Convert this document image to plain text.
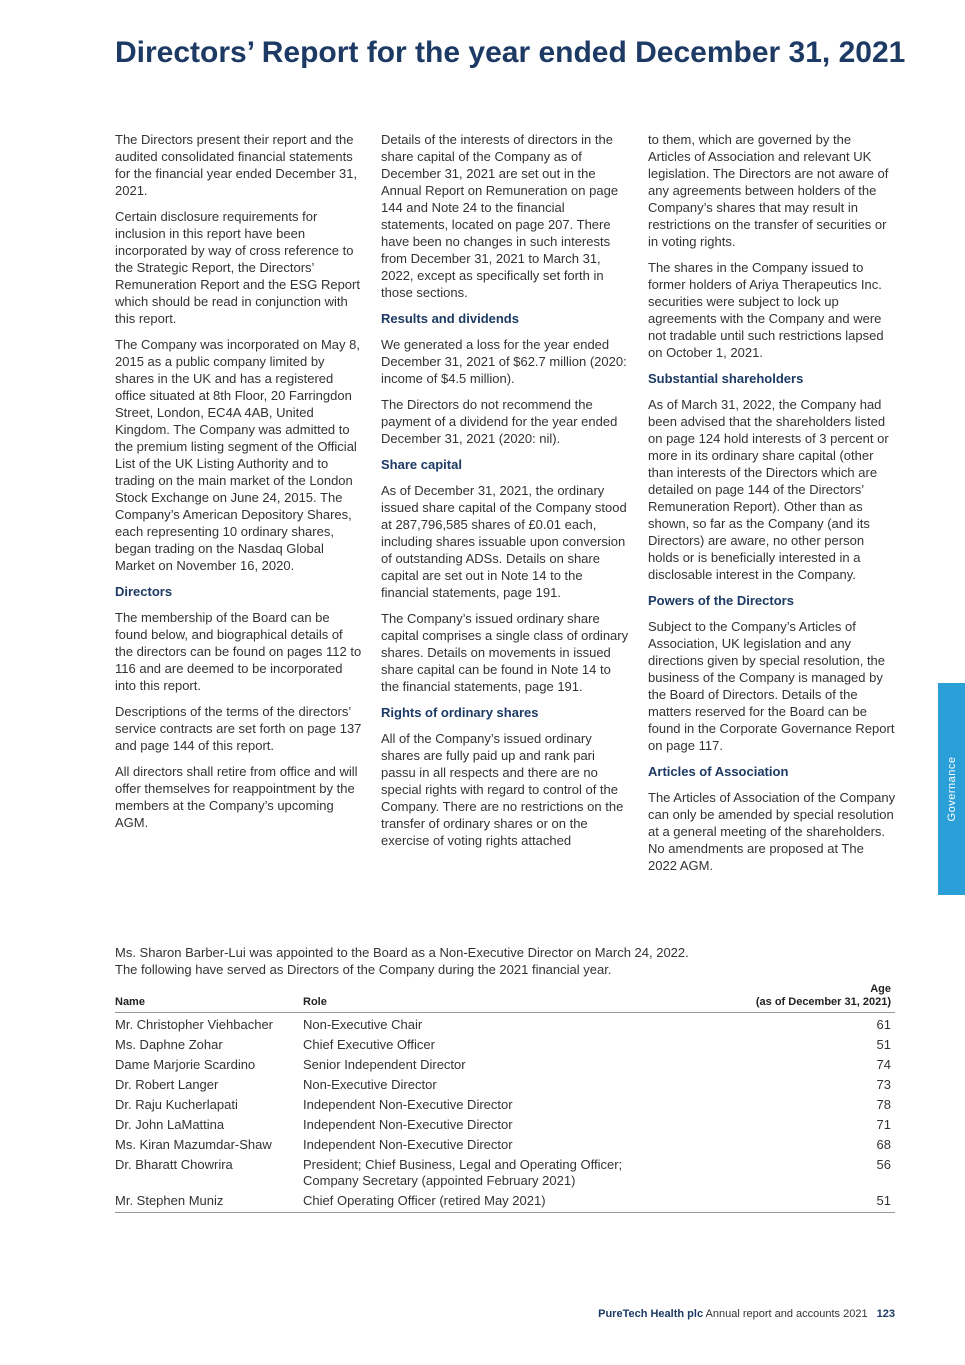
Directors’ Report for the year ended December 31, 2021

The Directors present their report and the audited consolidated financial statements for the financial year ended December 31, 2021.

Certain disclosure requirements for inclusion in this report have been incorporated by way of cross reference to the Strategic Report, the Directors’ Remuneration Report and the ESG Report which should be read in conjunction with this report.

The Company was incorporated on May 8, 2015 as a public company limited by shares in the UK and has a registered office situated at 8th Floor, 20 Farringdon Street, London, EC4A 4AB, United Kingdom. The Company was admitted to the premium listing segment of the Official List of the UK Listing Authority and to trading on the main market of the London Stock Exchange on June 24, 2015. The Company’s American Depository Shares, each representing 10 ordinary shares, began trading on the Nasdaq Global Market on November 16, 2020.

Directors

The membership of the Board can be found below, and biographical details of the directors can be found on pages 112 to 116 and are deemed to be incorporated into this report.

Descriptions of the terms of the directors’ service contracts are set forth on page 137 and page 144 of this report.

All directors shall retire from office and will offer themselves for reappointment by the members at the Company’s upcoming AGM.

Details of the interests of directors in the share capital of the Company as of December 31, 2021 are set out in the Annual Report on Remuneration on page 144 and Note 24 to the financial statements, located on page 207. There have been no changes in such interests from December 31, 2021 to March 31, 2022, except as specifically set forth in those sections.

Results and dividends

We generated a loss for the year ended December 31, 2021 of $62.7 million (2020: income of $4.5 million).

The Directors do not recommend the payment of a dividend for the year ended December 31, 2021 (2020: nil).

Share capital

As of December 31, 2021, the ordinary issued share capital of the Company stood at 287,796,585 shares of £0.01 each, including shares issuable upon conversion of outstanding ADSs. Details on share capital are set out in Note 14 to the financial statements, page 191.

The Company’s issued ordinary share capital comprises a single class of ordinary shares. Details on movements in issued share capital can be found in Note 14 to the financial statements, page 191.

Rights of ordinary shares

All of the Company’s issued ordinary shares are fully paid up and rank pari passu in all respects and there are no special rights with regard to control of the Company. There are no restrictions on the transfer of ordinary shares or on the exercise of voting rights attached

to them, which are governed by the Articles of Association and relevant UK legislation. The Directors are not aware of any agreements between holders of the Company’s shares that may result in restrictions on the transfer of securities or in voting rights.

The shares in the Company issued to former holders of Ariya Therapeutics Inc. securities were subject to lock up agreements with the Company and were not tradable until such restrictions lapsed on October 1, 2021.

Substantial shareholders

As of March 31, 2022, the Company had been advised that the shareholders listed on page 124 hold interests of 3 percent or more in its ordinary share capital (other than interests of the Directors which are detailed on page 144 of the Directors’ Remuneration Report). Other than as shown, so far as the Company (and its Directors) are aware, no other person holds or is beneficially interested in a disclosable interest in the Company.

Powers of the Directors

Subject to the Company’s Articles of Association, UK legislation and any directions given by special resolution, the business of the Company is managed by the Board of Directors. Details of the matters reserved for the Board can be found in the Corporate Governance Report on page 117.

Articles of Association

The Articles of Association of the Company can only be amended by special resolution at a general meeting of the shareholders. No amendments are proposed at The 2022 AGM.

Governance

Ms. Sharon Barber-Lui was appointed to the Board as a Non-Executive Director on March 24, 2022.

The following have served as Directors of the Company during the 2021 financial year.

Name	Role	Age
(as of December 31, 2021)
Mr. Christopher Viehbacher	Non-Executive Chair	61
Ms. Daphne Zohar	Chief Executive Officer	51
Dame Marjorie Scardino	Senior Independent Director	74
Dr. Robert Langer	Non-Executive Director	73
Dr. Raju Kucherlapati	Independent Non-Executive Director	78
Dr. John LaMattina	Independent Non-Executive Director	71
Ms. Kiran Mazumdar-Shaw	Independent Non-Executive Director	68
Dr. Bharatt Chowrira	President; Chief Business, Legal and Operating Officer;
Company Secretary (appointed February 2021)	56
Mr. Stephen Muniz	Chief Operating Officer (retired May 2021)	51
PureTech Health plc Annual report and accounts 2021 123
